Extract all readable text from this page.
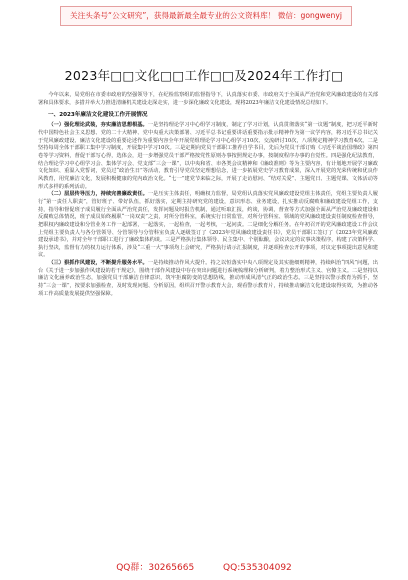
关注头条号“公文研究”，获得最新最全最专业的公文资料库！ 微信：gongwenyj
2023年□□文化□□工作□□及2024年工作打□

今年以来，局党组在市委市政府的坚强领导下，在纪检监察组的监督指导下，认真落实市委、市政府关于全面从严治党和党风廉政建设的有关部署和具体要求，多措并举大力推进清廉机关建设走深走实，进一步深化廉政文化建设，现将2023年廉洁文化建设情况总结如下。

一、2023年廉洁文化建设工作开展情况

（一）强化理论武装，夯实廉洁思想根基。一是坚持理论学习中心组学习制度，制定了学习计划，认真贯彻落实“第一议题”制度，把习近平新时代中国特色社会主义思想、党的二十大精神、党中央重大决策部署、习近平总书记重要讲话重要指示批示精神作为第一议学内容，将习近平总书记关于党风廉政建设、廉洁文化建设的重要论述作为重要内容全年开展党组理论学习中心组学习10次、交流研讨10次，八项规定精神学习教育4次。二是坚持每周全体干部职工集中学习制度，开展集中学习10次。三是定期向党员干部职工推荐自学书目，先后为党员干部订购《习近平谈治国理政》第四卷等学习资料，督促干部写心得，选体会，进一步增强党员干部严格按党性原则办事按照规定办事，按制度程序办事的自觉性。四是强化纪法教育，结合理论学习中心组学习会、集体学习会、党支部“三会一课”，以中央和省、市各类会议精神和《廉政准则》等为主要内容，有计划地开展学习廉政文化知识、重温入党誓词，党员过“政治生日”等活动，教育引导党员坚定理想信念，进一步拓展党史学习教育成果，深入开展党的光荣传统和优良作风教育，用党廉洁文化，发展积极健康的党内政治文化。“七一”建党节来临之际，开展了走访慰问、“结对关爱”、主题党日、主题党课、文体活动等形式多样的系列活动。

（二）层层传导压力，持续完善廉政责任。一是压实主体责任，明确权力监督，局党组认真落实党风廉政建设党组主体责任，党组主要负责人履行“第一责任人职责”，管好班子、带好队伍，抓好落实，定期主持研究党的建设，意识形态、业务建设，扎实推动反腐败和廉政建设党组工作，支持，指导和督促班子成员履行全面从严治党责任，发挥问题及时报告机制，通过听取汇报，约谈，协调，督查等方式加强全面从严治党及廉政建设和反腐败总体情况，班子成员始终履职“一岗双责”之责，对所分管科室，系统实行日常监管，对所分管科室、领域的党风廉政建设责任制度检查督导，把职权内廉政建设和分管业务工作一起部署，一起落实，一起检查，一起考核，一起问责。二是细化分解任务。在年初召开的党风廉政建设工作会议上党组主要负责人与各分管领导、分管领导与分管科室负责人逐级签订了《2023年党风廉政建设责任书》，党员干部职工签订了《2023年党风廉政建设承诺书》，并对全年干部职工进行了廉政集体约谈。三是严格执行集体领导、民主集中、个别酝酿，会议决定的议事决策程序，构建了决策科学、执行坚决，监督有力的权力运行体系，涉及“三重一大”事项均上会研究，严格执行请示汇报制度，并逐项检查公开的事项，对议定事项提出意见和建议。

（三）狠抓作风建设，不断提升服务水平。一是持续推动作风大提升。持之以恒落实中央八项规定及其实施细则精神，持续纠治“四风”问题，出台《关于进一步加强作风建设的若干规定》，围绕干部作风建设中存在突出问题进行系统梳理和分析研判，着力整治形式主义、官僚主义。二是坚持以廉洁文化涵养政治生态，加强党员干部廉洁自律意识，筑牢拒腐防变的思想防线，推动形成风清气正的政治生态。三是坚持以警示教育为抓手，坚持“三会一课”，按要求加强检查，及时发现问题、分析原因，组织召开警示教育大会，观看警示教育片，持续推动廉洁文化建设取得实效，为推动各项工作高质量发展提供坚强保障。

QQ群：30265665	QQ:535304092
